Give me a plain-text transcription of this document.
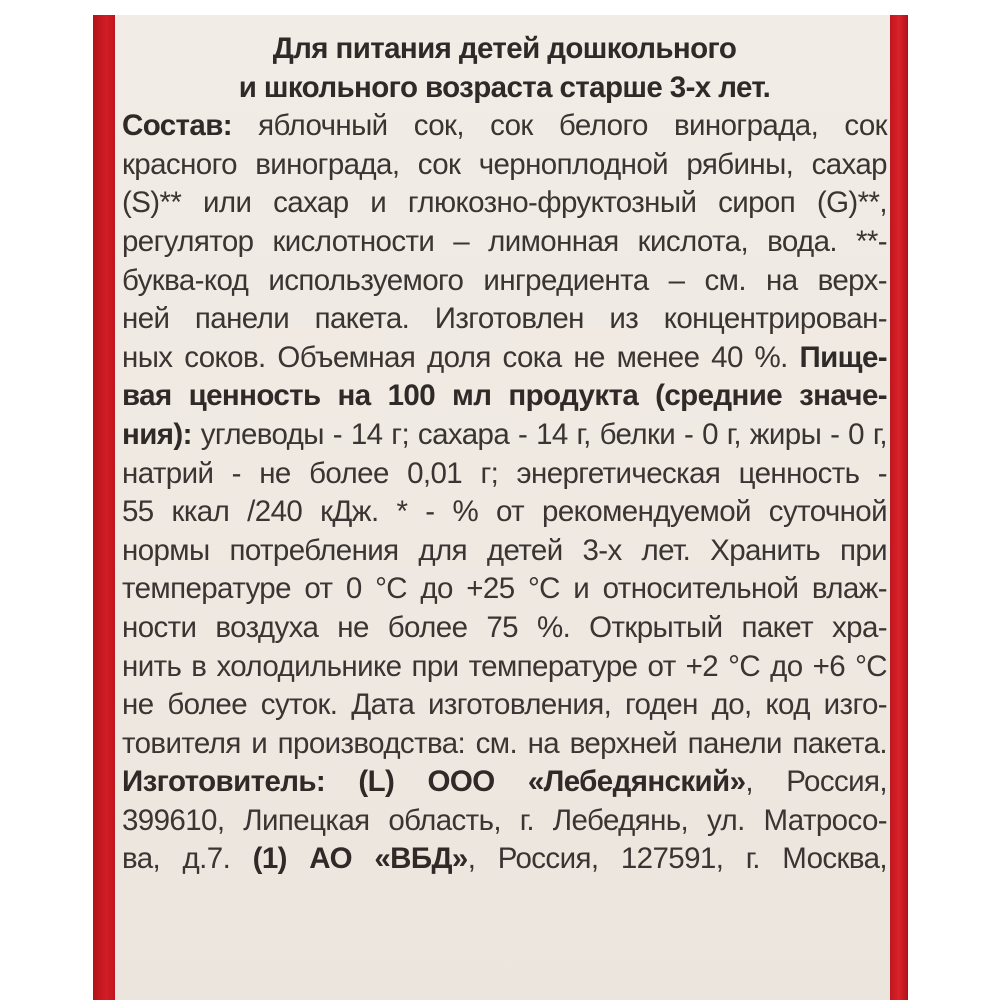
Для питания детей дошкольного
и школьного возраста старше 3-х лет.
Состав: яблочный сок, сок белого винограда, сок
красного винограда, сок черноплодной рябины, сахар
(S)** или сахар и глюкозно-фруктозный сироп (G)**,
регулятор кислотности – лимонная кислота, вода. **-
буква-код используемого ингредиента – см. на верх-
ней панели пакета. Изготовлен из концентрирован-
ных соков. Объемная доля сока не менее 40 %. Пище-
вая ценность на 100 мл продукта (средние значе-
ния): углеводы - 14 г; сахара - 14 г, белки - 0 г, жиры - 0 г,
натрий - не более 0,01 г; энергетическая ценность -
55 ккал /240 кДж. * - % от рекомендуемой суточной
нормы потребления для детей 3-х лет. Хранить при
температуре от 0 °С до +25 °С и относительной влаж-
ности воздуха не более 75 %. Открытый пакет хра-
нить в холодильнике при температуре от +2 °С до +6 °С
не более суток. Дата изготовления, годен до, код изго-
товителя и производства: см. на верхней панели пакета.
Изготовитель: (L) ООО «Лебедянский», Россия,
399610, Липецкая область, г. Лебедянь, ул. Матросо-
ва, д.7. (1) АО «ВБД», Россия, 127591, г. Москва,
